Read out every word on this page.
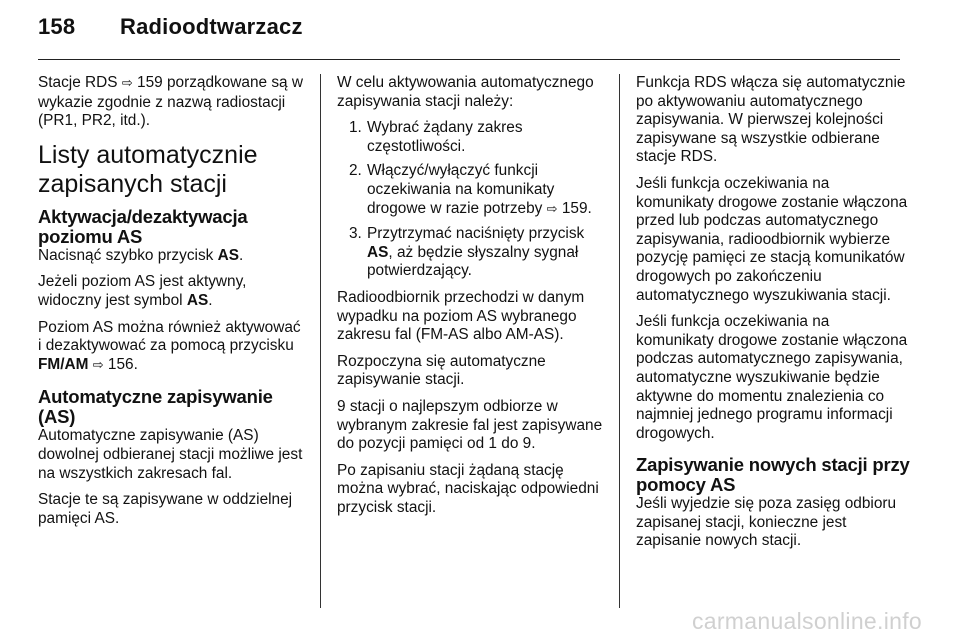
158 Radioodtwarzacz

Stacje RDS ⇨ 159 porządkowane są w wykazie zgodnie z nazwą radiostacji (PR1, PR2, itd.).

Listy automatycznie zapisanych stacji
Aktywacja/dezaktywacja poziomu AS

Nacisnąć szybko przycisk AS.

Jeżeli poziom AS jest aktywny, widoczny jest symbol AS.

Poziom AS można również aktywować i dezaktywować za pomocą przycisku FM/AM ⇨ 156.

Automatyczne zapisywanie (AS)

Automatyczne zapisywanie (AS) dowolnej odbieranej stacji możliwe jest na wszystkich zakresach fal.

Stacje te są zapisywane w oddzielnej pamięci AS.

W celu aktywowania automatycznego zapisywania stacji należy:

1. Wybrać żądany zakres częstotliwości.
2. Włączyć/wyłączyć funkcji oczekiwania na komunikaty drogowe w razie potrzeby ⇨ 159.
3. Przytrzymać naciśnięty przycisk AS, aż będzie słyszalny sygnał potwierdzający.

Radioodbiornik przechodzi w danym wypadku na poziom AS wybranego zakresu fal (FM-AS albo AM-AS).

Rozpoczyna się automatyczne zapisywanie stacji.

9 stacji o najlepszym odbiorze w wybranym zakresie fal jest zapisywane do pozycji pamięci od 1 do 9.

Po zapisaniu stacji żądaną stację można wybrać, naciskając odpowiedni przycisk stacji.

Funkcja RDS włącza się automatycznie po aktywowaniu automatycznego zapisywania. W pierwszej kolejności zapisywane są wszystkie odbierane stacje RDS.

Jeśli funkcja oczekiwania na komunikaty drogowe zostanie włączona przed lub podczas automatycznego zapisywania, radioodbiornik wybierze pozycję pamięci ze stacją komunikatów drogowych po zakończeniu automatycznego wyszukiwania stacji.

Jeśli funkcja oczekiwania na komunikaty drogowe zostanie włączona podczas automatycznego zapisywania, automatyczne wyszukiwanie będzie aktywne do momentu znalezienia co najmniej jednego programu informacji drogowych.

Zapisywanie nowych stacji przy pomocy AS

Jeśli wyjedzie się poza zasięg odbioru zapisanej stacji, konieczne jest zapisanie nowych stacji.

carmanualsonline.info
